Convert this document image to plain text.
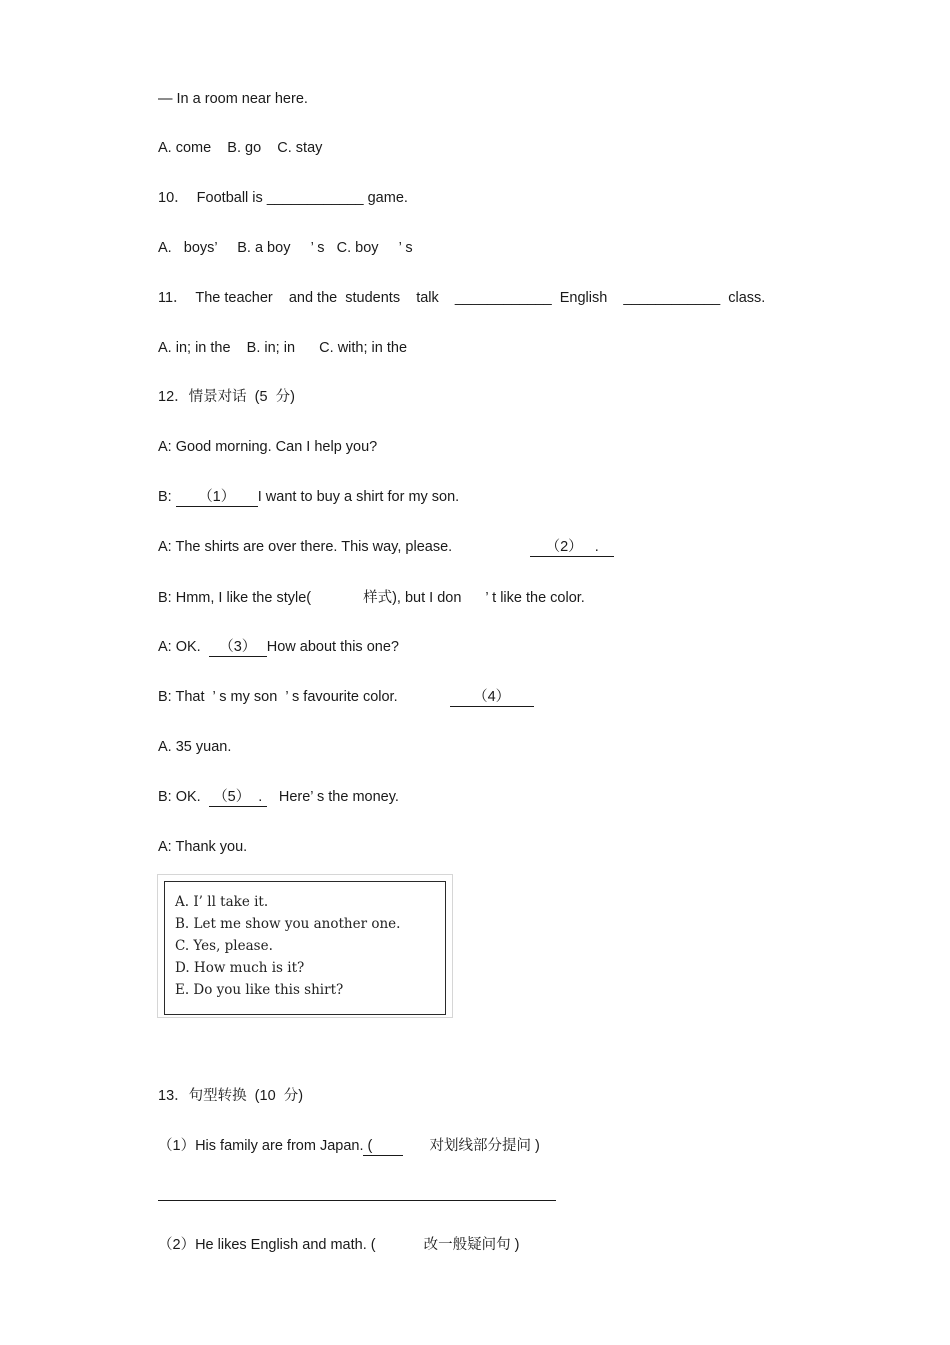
— In a room near here.
A. come    B. go    C. stay
10．  Football is ____________ game.
A.   boys’     B. a boy     ’ s   C. boy     ’ s
11．  The teacher    and the  students    talk    ____________  English    ____________  class.
A. in; in the    B. in; in      C. with; in the
12．情景对话  (5  分)
A: Good morning. Can I help you?
B: （1） I want to buy a shirt for my son.
A: The shirts are over there. This way, please.	（2）   .
B: Hmm, I like the style(	样式), but I don ’ t like the color.
A: OK.  （3） How about this one?
B: That  ’ s my son  ’ s favourite color.	（4）
A. 35 yuan.
B: OK.  （5）  .   Here’ s the money.
A: Thank you.
A. I’ ll take it.
B. Let me show you another one.
C. Yes, please.
D. How much is it?
E. Do you like this shirt?
13．句型转换  (10  分)
（1）His family are from Japan. (	对划线部分提问 )
（2）He likes English and math. (	改一般疑问句 )
